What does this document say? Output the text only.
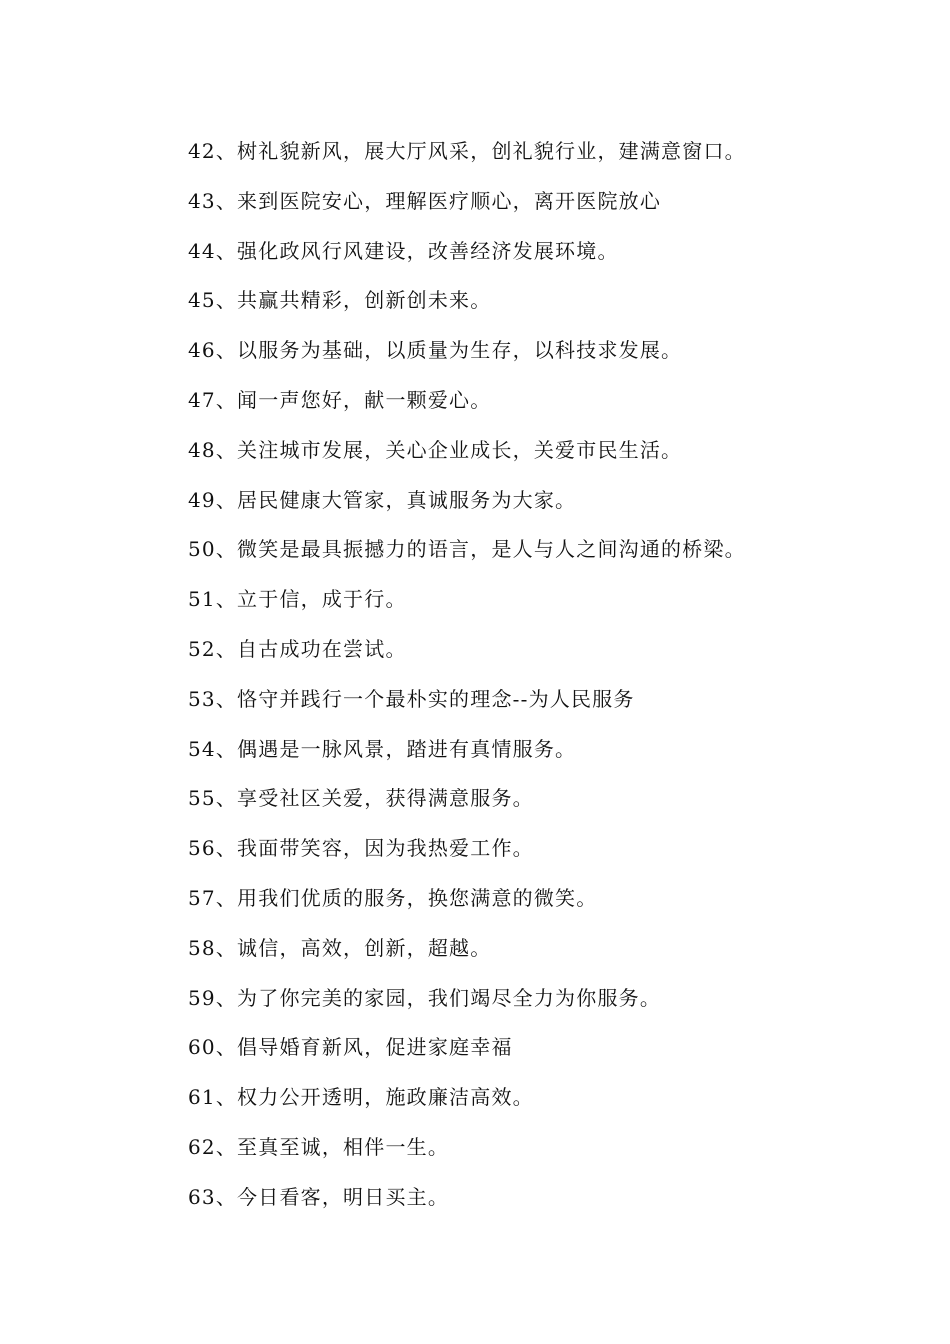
42、树礼貌新风，展大厅风采，创礼貌行业，建满意窗口。
43、来到医院安心，理解医疗顺心，离开医院放心
44、强化政风行风建设，改善经济发展环境。
45、共赢共精彩，创新创未来。
46、以服务为基础，以质量为生存，以科技求发展。
47、闻一声您好，献一颗爱心。
48、关注城市发展，关心企业成长，关爱市民生活。
49、居民健康大管家，真诚服务为大家。
50、微笑是最具振撼力的语言，是人与人之间沟通的桥梁。
51、立于信，成于行。
52、自古成功在尝试。
53、恪守并践行一个最朴实的理念--为人民服务
54、偶遇是一脉风景，踏进有真情服务。
55、享受社区关爱，获得满意服务。
56、我面带笑容，因为我热爱工作。
57、用我们优质的服务，换您满意的微笑。
58、诚信，高效，创新，超越。
59、为了你完美的家园，我们竭尽全力为你服务。
60、倡导婚育新风，促进家庭幸福
61、权力公开透明，施政廉洁高效。
62、至真至诚，相伴一生。
63、今日看客，明日买主。
